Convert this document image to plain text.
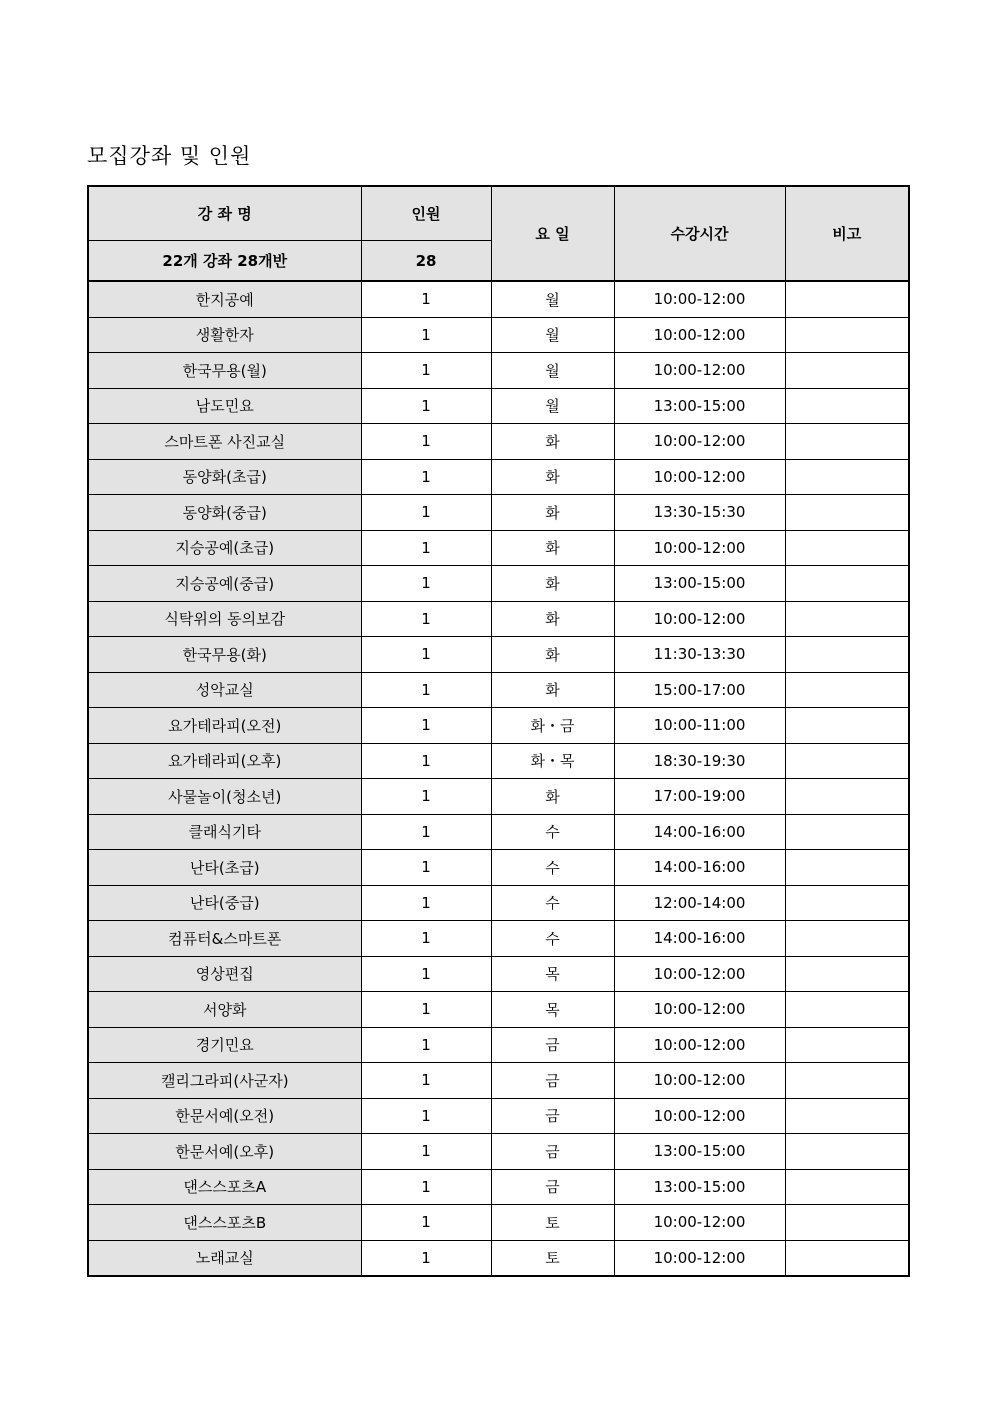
모집강좌 및 인원
강 좌 명	인원	요 일	수강시간	비고
22개 강좌 28개반	28			
한지공예	1	월	10:00-12:00	
생활한자	1	월	10:00-12:00	
한국무용(월)	1	월	10:00-12:00	
남도민요	1	월	13:00-15:00	
스마트폰 사진교실	1	화	10:00-12:00	
동양화(초급)	1	화	10:00-12:00	
동양화(중급)	1	화	13:30-15:30	
지승공예(초급)	1	화	10:00-12:00	
지승공예(중급)	1	화	13:00-15:00	
식탁위의 동의보감	1	화	10:00-12:00	
한국무용(화)	1	화	11:30-13:30	
성악교실	1	화	15:00-17:00	
요가테라피(오전)	1	화・금	10:00-11:00	
요가테라피(오후)	1	화・목	18:30-19:30	
사물놀이(청소년)	1	화	17:00-19:00	
클래식기타	1	수	14:00-16:00	
난타(초급)	1	수	14:00-16:00	
난타(중급)	1	수	12:00-14:00	
컴퓨터&스마트폰	1	수	14:00-16:00	
영상편집	1	목	10:00-12:00	
서양화	1	목	10:00-12:00	
경기민요	1	금	10:00-12:00	
캘리그라피(사군자)	1	금	10:00-12:00	
한문서예(오전)	1	금	10:00-12:00	
한문서예(오후)	1	금	13:00-15:00	
댄스스포츠A	1	금	13:00-15:00	
댄스스포츠B	1	토	10:00-12:00	
노래교실	1	토	10:00-12:00	
